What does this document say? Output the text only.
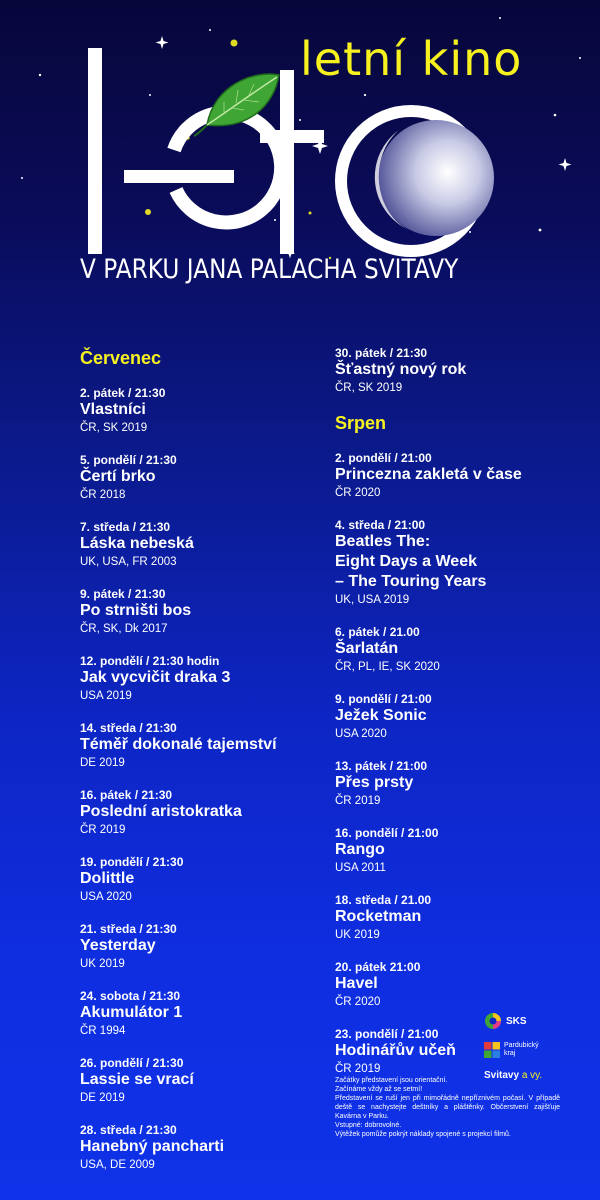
letní kino
V PARKU JANA PALACHA SVITAVY
Červenec
2. pátek / 21:30
Vlastníci
ČR, SK 2019
5. pondělí / 21:30
Čertí brko
ČR 2018
7. středa / 21:30
Láska nebeská
UK, USA, FR 2003
9. pátek / 21:30
Po strništi bos
ČR, SK, Dk 2017
12. pondělí / 21:30 hodin
Jak vycvičit draka 3
USA 2019
14. středa / 21:30
Téměř dokonalé tajemství
DE 2019
16. pátek / 21:30
Poslední aristokratka
ČR 2019
19. pondělí / 21:30
Dolittle
USA 2020
21. středa / 21:30
Yesterday
UK 2019
24. sobota / 21:30
Akumulátor 1
ČR 1994
26. pondělí / 21:30
Lassie se vrací
DE 2019
28. středa / 21:30
Hanebný pancharti
USA, DE 2009
30. pátek / 21:30
Šťastný nový rok
ČR, SK 2019
Srpen
2. pondělí / 21:00
Princezna zakletá v čase
ČR 2020
4. středa / 21:00
Beatles The:
Eight Days a Week
– The Touring Years
UK, USA 2019
6. pátek / 21.00
Šarlatán
ČR, PL, IE, SK 2020
9. pondělí / 21:00
Ježek Sonic
USA 2020
13. pátek / 21:00
Přes prsty
ČR 2019
16. pondělí / 21:00
Rango
USA 2011
18. středa / 21.00
Rocketman
UK 2019
20. pátek 21:00
Havel
ČR 2020
23. pondělí / 21:00
Hodinářův učeň
ČR 2019
SKS
Pardubický
kraj
Svitavy a vy.

Začátky představení jsou orientační.

Začínáme vždy až se setmí!

Představení se ruší jen při mimořádně nepříznivém počasí. V případě deště se nachystejte deštníky a pláštěnky. Občerstvení zajišťuje Kavárna v Parku.

Vstupné: dobrovolné.

Výtěžek pomůže pokrýt náklady spojené s projekcí filmů.
